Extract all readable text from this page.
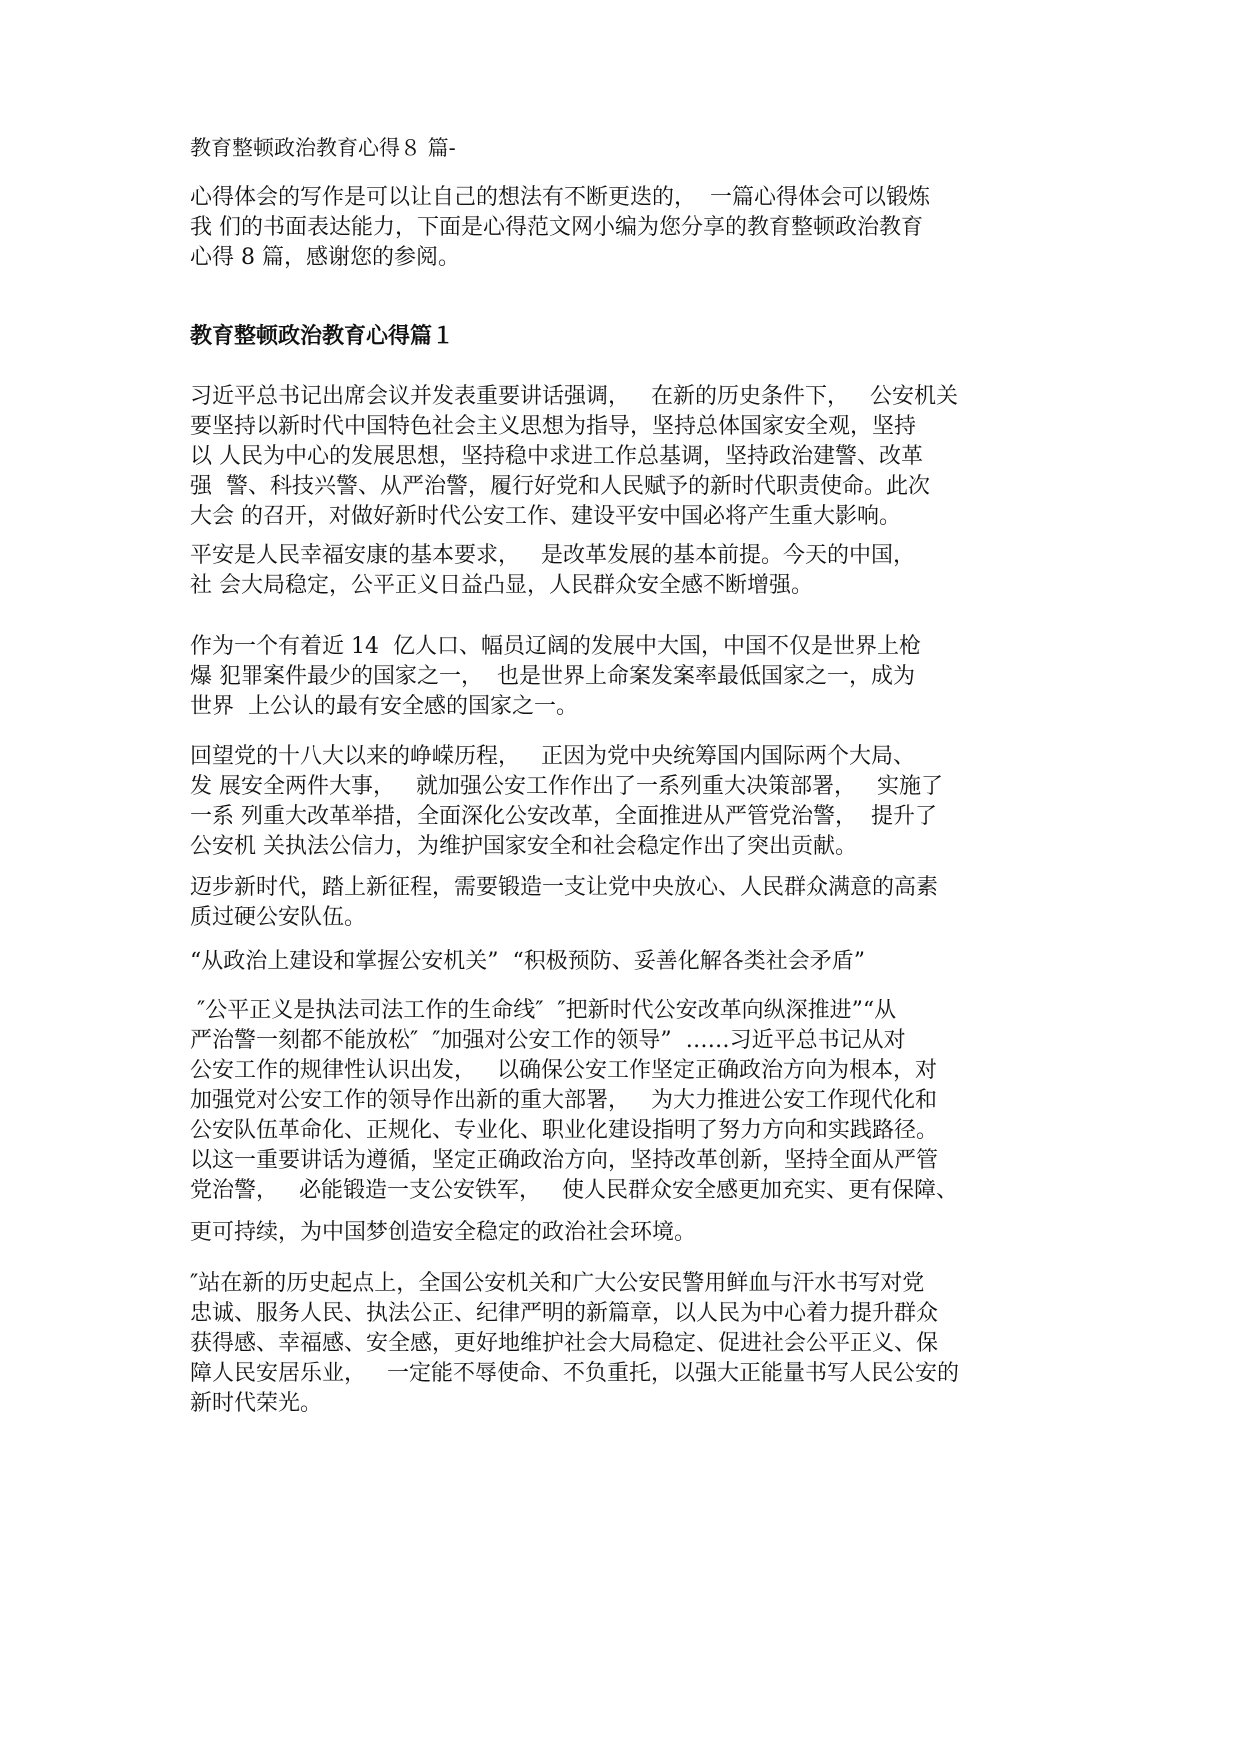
教育整顿政治教育心得８ 篇-
心得体会的写作是可以让自己的想法有不断更迭的，  一篇心得体会可以锻炼
我 们的书面表达能力，下面是心得范文网小编为您分享的教育整顿政治教育
心得 8 篇，感谢您的参阅。
教育整顿政治教育心得篇１
习近平总书记出席会议并发表重要讲话强调，   在新的历史条件下，   公安机关
要坚持以新时代中国特色社会主义思想为指导，坚持总体国家安全观，坚持
以 人民为中心的发展思想，坚持稳中求进工作总基调，坚持政治建警、改革
强  警、科技兴警、从严治警，履行好党和人民赋予的新时代职责使命。此次
大会 的召开，对做好新时代公安工作、建设平安中国必将产生重大影响。
平安是人民幸福安康的基本要求，   是改革发展的基本前提。今天的中国，
社 会大局稳定，公平正义日益凸显，人民群众安全感不断增强。
作为一个有着近 14  亿人口、幅员辽阔的发展中大国，中国不仅是世界上枪
爆 犯罪案件最少的国家之一，  也是世界上命案发案率最低国家之一，成为
世界  上公认的最有安全感的国家之一。
回望党的十八大以来的峥嵘历程，   正因为党中央统筹国内国际两个大局、
发 展安全两件大事，   就加强公安工作作出了一系列重大决策部署，   实施了
一系 列重大改革举措，全面深化公安改革，全面推进从严管党治警，  提升了
公安机 关执法公信力，为维护国家安全和社会稳定作出了突出贡献。
迈步新时代，踏上新征程，需要锻造一支让党中央放心、人民群众满意的高素
质过硬公安队伍。
“从政治上建设和掌握公安机关”  “积极预防、妥善化解各类社会矛盾”
″公平正义是执法司法工作的生命线″  ″把新时代公安改革向纵深推进”“从
严治警一刻都不能放松″  ″加强对公安工作的领导”  ……习近平总书记从对
公安工作的规律性认识出发，   以确保公安工作坚定正确政治方向为根本，对
加强党对公安工作的领导作出新的重大部署，   为大力推进公安工作现代化和
公安队伍革命化、正规化、专业化、职业化建设指明了努力方向和实践路径。
以这一重要讲话为遵循，坚定正确政治方向，坚持改革创新，坚持全面从严管
党治警，   必能锻造一支公安铁军，   使人民群众安全感更加充实、更有保障、
更可持续，为中国梦创造安全稳定的政治社会环境。
″站在新的历史起点上，全国公安机关和广大公安民警用鲜血与汗水书写对党
忠诚、服务人民、执法公正、纪律严明的新篇章，以人民为中心着力提升群众
获得感、幸福感、安全感，更好地维护社会大局稳定、促进社会公平正义、保
障人民安居乐业，   一定能不辱使命、不负重托，以强大正能量书写人民公安的
新时代荣光。
